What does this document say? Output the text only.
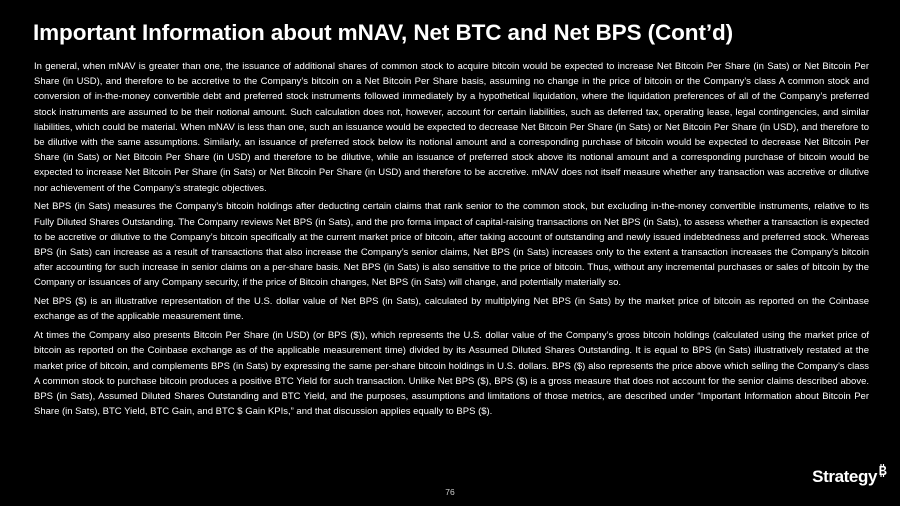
Important Information about mNAV, Net BTC and Net BPS (Cont’d)

In general, when mNAV is greater than one, the issuance of additional shares of common stock to acquire bitcoin would be expected to increase Net Bitcoin Per Share (in Sats) or Net Bitcoin Per Share (in USD), and therefore to be accretive to the Company’s bitcoin on a Net Bitcoin Per Share basis, assuming no change in the price of bitcoin or the Company’s class A common stock and conversion of in-the-money convertible debt and preferred stock instruments followed immediately by a hypothetical liquidation, where the liquidation preferences of all of the Company’s preferred stock instruments are assumed to be their notional amount. Such calculation does not, however, account for certain liabilities, such as deferred tax, operating lease, legal contingencies, and similar liabilities, which could be material. When mNAV is less than one, such an issuance would be expected to decrease Net Bitcoin Per Share (in Sats) or Net Bitcoin Per Share (in USD), and therefore to be dilutive with the same assumptions. Similarly, an issuance of preferred stock below its notional amount and a corresponding purchase of bitcoin would be expected to decrease Net Bitcoin Per Share (in Sats) or Net Bitcoin Per Share (in USD) and therefore to be dilutive, while an issuance of preferred stock above its notional amount and a corresponding purchase of bitcoin would be expected to increase Net Bitcoin Per Share (in Sats) or Net Bitcoin Per Share (in USD) and therefore to be accretive. mNAV does not itself measure whether any transaction was accretive or dilutive nor achievement of the Company’s strategic objectives.

Net BPS (in Sats) measures the Company’s bitcoin holdings after deducting certain claims that rank senior to the common stock, but excluding in-the-money convertible instruments, relative to its Fully Diluted Shares Outstanding. The Company reviews Net BPS (in Sats), and the pro forma impact of capital-raising transactions on Net BPS (in Sats), to assess whether a transaction is expected to be accretive or dilutive to the Company’s bitcoin specifically at the current market price of bitcoin, after taking account of outstanding and newly issued indebtedness and preferred stock. Whereas BPS (in Sats) can increase as a result of transactions that also increase the Company’s senior claims, Net BPS (in Sats) increases only to the extent a transaction increases the Company’s bitcoin after accounting for such increase in senior claims on a per-share basis. Net BPS (in Sats) is also sensitive to the price of bitcoin. Thus, without any incremental purchases or sales of bitcoin by the Company or issuances of any Company security, if the price of Bitcoin changes, Net BPS (in Sats) will change, and potentially materially so.

Net BPS ($) is an illustrative representation of the U.S. dollar value of Net BPS (in Sats), calculated by multiplying Net BPS (in Sats) by the market price of bitcoin as reported on the Coinbase exchange as of the applicable measurement time.

At times the Company also presents Bitcoin Per Share (in USD) (or BPS ($)), which represents the U.S. dollar value of the Company’s gross bitcoin holdings (calculated using the market price of bitcoin as reported on the Coinbase exchange as of the applicable measurement time) divided by its Assumed Diluted Shares Outstanding. It is equal to BPS (in Sats) illustratively restated at the market price of bitcoin, and complements BPS (in Sats) by expressing the same per-share bitcoin holdings in U.S. dollars. BPS ($) also represents the price above which selling the Company’s class A common stock to purchase bitcoin produces a positive BTC Yield for such transaction. Unlike Net BPS ($), BPS ($) is a gross measure that does not account for the senior claims described above. BPS (in Sats), Assumed Diluted Shares Outstanding and BTC Yield, and the purposes, assumptions and limitations of those metrics, are described under “Important Information about Bitcoin Per Share (in Sats), BTC Yield, BTC Gain, and BTC $ Gain KPIs,” and that discussion applies equally to BPS ($).

76
Strategy
